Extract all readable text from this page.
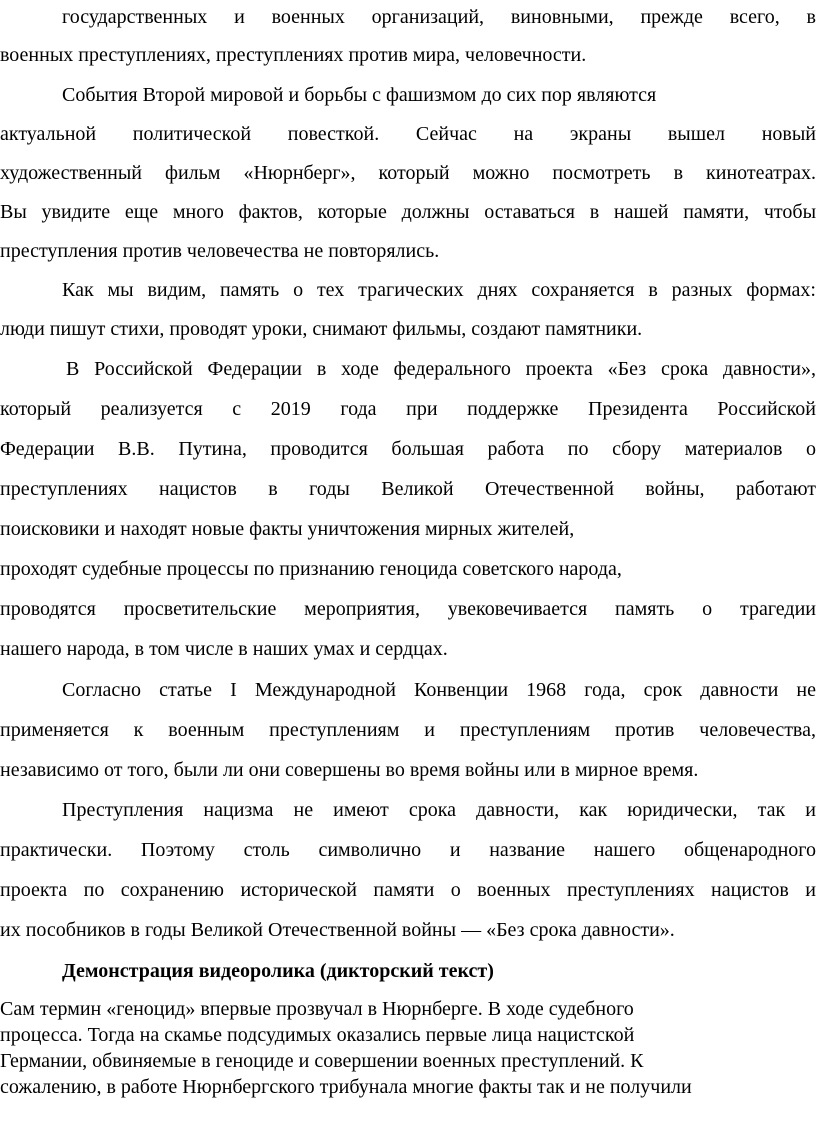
государственных и военных организаций, виновными, прежде всего, в
военных преступлениях, преступлениях против мира, человечности.
События Второй мировой и борьбы с фашизмом до сих пор являются
актуальной политической повесткой. Сейчас на экраны вышел новый
художественный фильм «Нюрнберг», который можно посмотреть в кинотеатрах.
Вы увидите еще много фактов, которые должны оставаться в нашей памяти, чтобы
преступления против человечества не повторялись.
Как мы видим, память о тех трагических днях сохраняется в разных формах:
люди пишут стихи, проводят уроки, снимают фильмы, создают памятники.
В Российской Федерации в ходе федерального проекта «Без срока давности»,
который реализуется с 2019 года при поддержке Президента Российской
Федерации В.В. Путина, проводится большая работа по сбору материалов о
преступлениях нацистов в годы Великой Отечественной войны, работают
поисковики и находят новые факты уничтожения мирных жителей,
проходят судебные процессы по признанию геноцида советского народа,
проводятся просветительские мероприятия, увековечивается память о трагедии
нашего народа, в том числе в наших умах и сердцах.
Согласно статье I Международной Конвенции 1968 года, срок давности не
применяется к военным преступлениям и преступлениям против человечества,
независимо от того, были ли они совершены во время войны или в мирное время.
Преступления нацизма не имеют срока давности, как юридически, так и
практически. Поэтому столь символично и название нашего общенародного
проекта по сохранению исторической памяти о военных преступлениях нацистов и
их пособников в годы Великой Отечественной войны — «Без срока давности».
Демонстрация видеоролика (дикторский текст)
Сам термин «геноцид» впервые прозвучал в Нюрнберге. В ходе судебного
процесса. Тогда на скамье подсудимых оказались первые лица нацистской
Германии, обвиняемые в геноциде и совершении военных преступлений. К
сожалению, в работе Нюрнбергского трибунала многие факты так и не получили
